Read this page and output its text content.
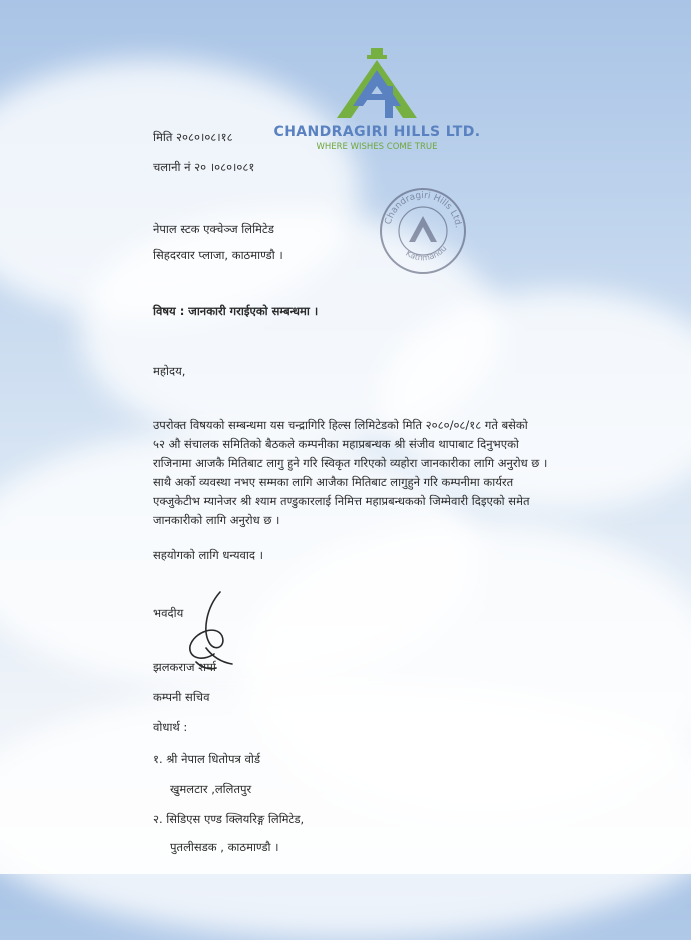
CHANDRAGIRI HILLS LTD.
WHERE WISHES COME TRUE
Chandragiri Hills Ltd.
Kathmandu
मिति २०८०।०८।१८
चलानी नं २० ।०८०।०८१
नेपाल स्टक एक्चेञ्ज लिमिटेड
सिहदरवार प्लाजा, काठमाण्डौ ।
विषय : जानकारी गराईएको सम्बन्धमा ।
महोदय,
उपरोक्त विषयको सम्बन्धमा यस चन्द्रागिरि हिल्स लिमिटेडको मिति २०८०/०८/१८ गते बसेको
५२ औ संचालक समितिको बैठकले कम्पनीका महाप्रबन्धक श्री संजीव थापाबाट दिनुभएको
राजिनामा आजकै मितिबाट लागु हुने गरि स्विकृत गरिएको व्यहोरा जानकारीका लागि अनुरोध छ ।
साथै अर्को व्यवस्था नभए सम्मका लागि आजैका मितिबाट लागुहुने गरि कम्पनीमा कार्यरत
एक्जुकेटीभ म्यानेजर श्री श्याम तण्डुकारलाई निमित्त महाप्रबन्धकको जिम्मेवारी दिइएको समेत
जानकारीको लागि अनुरोध छ ।
सहयोगको लागि धन्यवाद ।
भवदीय
झलकराज शर्मा
कम्पनी सचिव
वोधार्थ :
१. श्री नेपाल धितोपत्र वोर्ड
खुमलटार ,ललितपुर
२. सिडिएस एण्ड क्लियरिङ्ग लिमिटेड,
पुतलीसडक , काठमाण्डौ ।
